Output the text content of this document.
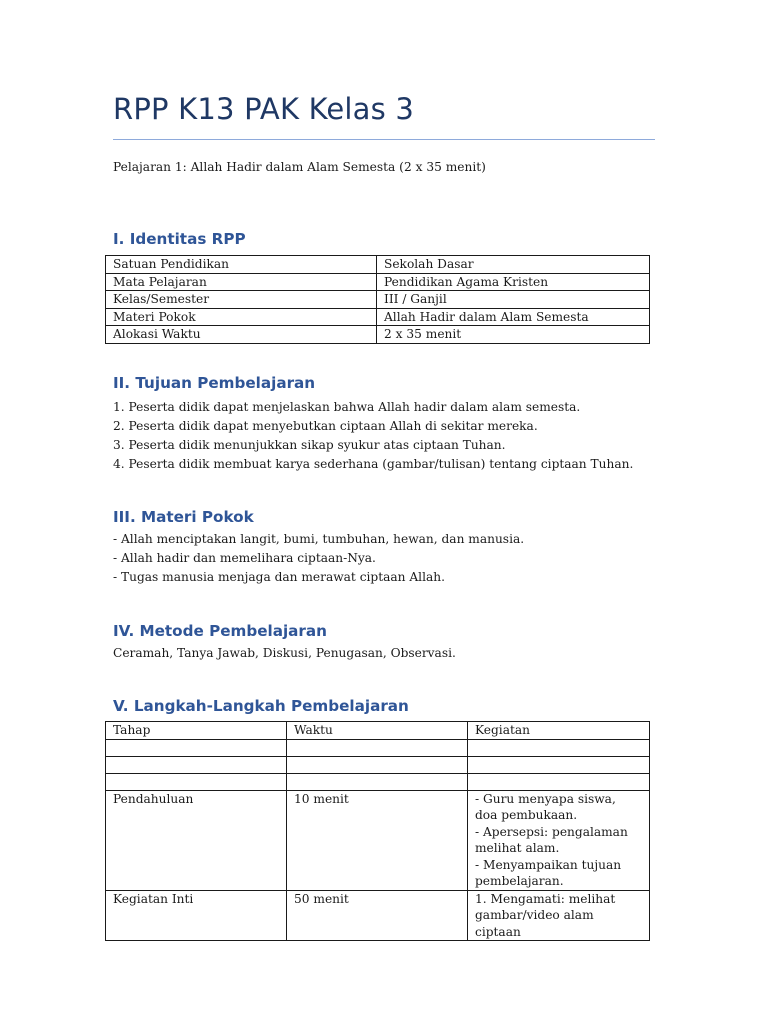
RPP K13 PAK Kelas 3
Pelajaran 1: Allah Hadir dalam Alam Semesta (2 x 35 menit)
I. Identitas RPP
Satuan Pendidikan	Sekolah Dasar
Mata Pelajaran	Pendidikan Agama Kristen
Kelas/Semester	III / Ganjil
Materi Pokok	Allah Hadir dalam Alam Semesta
Alokasi Waktu	2 x 35 menit
II. Tujuan Pembelajaran
1. Peserta didik dapat menjelaskan bahwa Allah hadir dalam alam semesta.
2. Peserta didik dapat menyebutkan ciptaan Allah di sekitar mereka.
3. Peserta didik menunjukkan sikap syukur atas ciptaan Tuhan.
4. Peserta didik membuat karya sederhana (gambar/tulisan) tentang ciptaan Tuhan.
III. Materi Pokok
- Allah menciptakan langit, bumi, tumbuhan, hewan, dan manusia.
- Allah hadir dan memelihara ciptaan-Nya.
- Tugas manusia menjaga dan merawat ciptaan Allah.
IV. Metode Pembelajaran
Ceramah, Tanya Jawab, Diskusi, Penugasan, Observasi.
V. Langkah-Langkah Pembelajaran
Tahap	Waktu	Kegiatan

Pendahuluan	10 menit	- Guru menyapa siswa, doa pembukaan.
- Apersepsi: pengalaman melihat alam.
- Menyampaikan tujuan pembelajaran.

Kegiatan Inti	50 menit	1. Mengamati: melihat gambar/video alam ciptaan
